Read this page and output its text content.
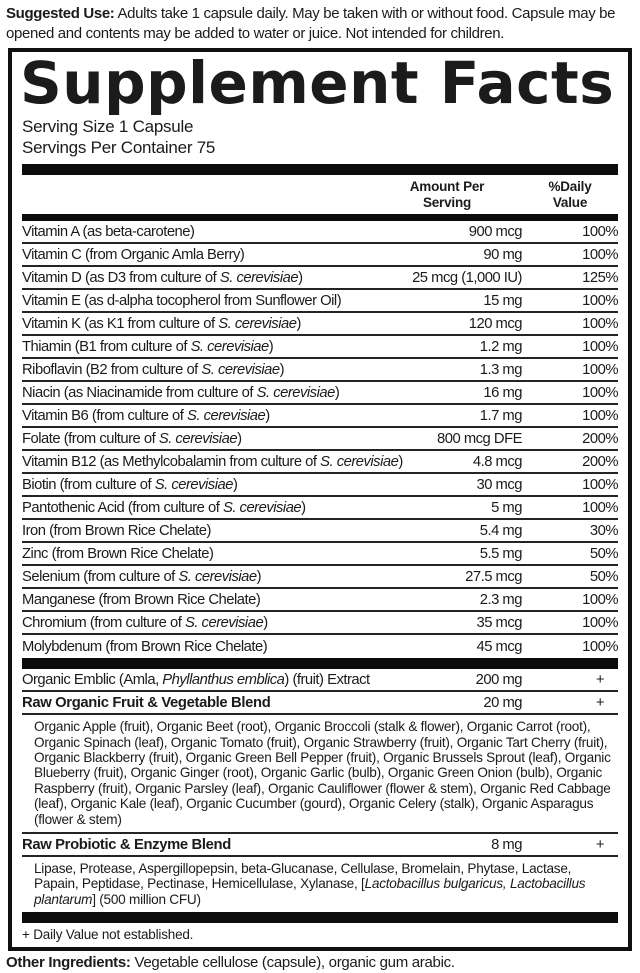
Suggested Use: Adults take 1 capsule daily. May be taken with or without food. Capsule may be opened and contents may be added to water or juice. Not intended for children.
Supplement Facts
Serving Size 1 Capsule
Servings Per Container 75
Amount Per
Serving
%Daily
Value
Vitamin A (as beta-carotene)	900 mcg	100%
Vitamin C (from Organic Amla Berry)	90 mg	100%
Vitamin D (as D3 from culture of S. cerevisiae)	25 mcg (1,000 IU)	125%
Vitamin E (as d-alpha tocopherol from Sunflower Oil)	15 mg	100%
Vitamin K (as K1 from culture of S. cerevisiae)	120 mcg	100%
Thiamin (B1 from culture of S. cerevisiae)	1.2 mg	100%
Riboflavin (B2 from culture of S. cerevisiae)	1.3 mg	100%
Niacin (as Niacinamide from culture of S. cerevisiae)	16 mg	100%
Vitamin B6 (from culture of S. cerevisiae)	1.7 mg	100%
Folate (from culture of S. cerevisiae)	800 mcg DFE	200%
Vitamin B12 (as Methylcobalamin from culture of S. cerevisiae)	4.8 mcg	200%
Biotin (from culture of S. cerevisiae)	30 mcg	100%
Pantothenic Acid (from culture of S. cerevisiae)	5 mg	100%
Iron (from Brown Rice Chelate)	5.4 mg	30%
Zinc (from Brown Rice Chelate)	5.5 mg	50%
Selenium (from culture of S. cerevisiae)	27.5 mcg	50%
Manganese (from Brown Rice Chelate)	2.3 mg	100%
Chromium (from culture of S. cerevisiae)	35 mcg	100%
Molybdenum (from Brown Rice Chelate)	45 mcg	100%
Organic Emblic (Amla, Phyllanthus emblica) (fruit) Extract	200 mg	+
Raw Organic Fruit & Vegetable Blend	20 mg	+
Organic Apple (fruit), Organic Beet (root), Organic Broccoli (stalk & flower), Organic Carrot (root), Organic Spinach (leaf), Organic Tomato (fruit), Organic Strawberry (fruit), Organic Tart Cherry (fruit), Organic Blackberry (fruit), Organic Green Bell Pepper (fruit), Organic Brussels Sprout (leaf), Organic Blueberry (fruit), Organic Ginger (root), Organic Garlic (bulb), Organic Green Onion (bulb), Organic Raspberry (fruit), Organic Parsley (leaf), Organic Cauliflower (flower & stem), Organic Red Cabbage (leaf), Organic Kale (leaf), Organic Cucumber (gourd), Organic Celery (stalk), Organic Asparagus (flower & stem)
Raw Probiotic & Enzyme Blend	8 mg	+
Lipase, Protease, Aspergillopepsin, beta-Glucanase, Cellulase, Bromelain, Phytase, Lactase, Papain, Peptidase, Pectinase, Hemicellulase, Xylanase, [Lactobacillus bulgaricus, Lactobacillus plantarum] (500 million CFU)
+ Daily Value not established.
Other Ingredients: Vegetable cellulose (capsule), organic gum arabic.
